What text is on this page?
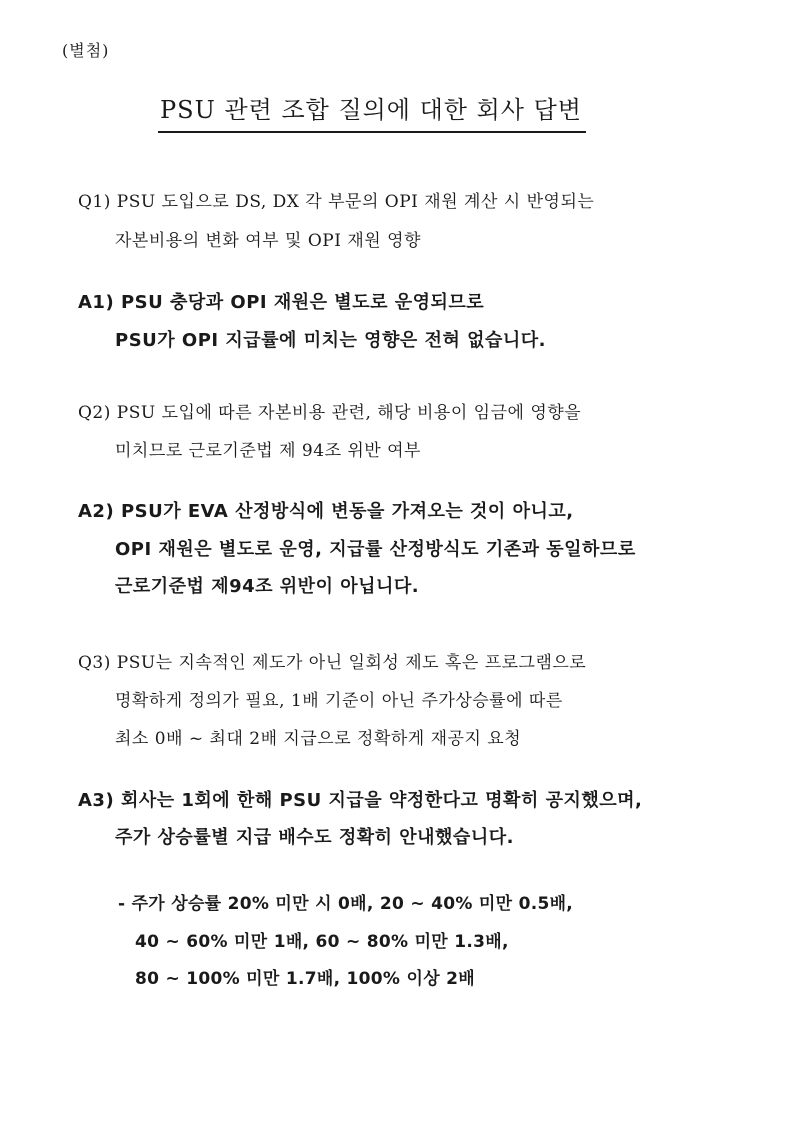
(별첨)
PSU 관련 조합 질의에 대한 회사 답변
Q1) PSU 도입으로 DS, DX 각 부문의 OPI 재원 계산 시 반영되는
자본비용의 변화 여부 및 OPI 재원 영향
A1) PSU 충당과 OPI 재원은 별도로 운영되므로
PSU가 OPI 지급률에 미치는 영향은 전혀 없습니다.
Q2) PSU 도입에 따른 자본비용 관련, 해당 비용이 임금에 영향을
미치므로 근로기준법 제 94조 위반 여부
A2) PSU가 EVA 산정방식에 변동을 가져오는 것이 아니고,
OPI 재원은 별도로 운영, 지급률 산정방식도 기존과 동일하므로
근로기준법 제94조 위반이 아닙니다.
Q3) PSU는 지속적인 제도가 아닌 일회성 제도 혹은 프로그램으로
명확하게 정의가 필요, 1배 기준이 아닌 주가상승률에 따른
최소 0배 ~ 최대 2배 지급으로 정확하게 재공지 요청
A3) 회사는 1회에 한해 PSU 지급을 약정한다고 명확히 공지했으며,
주가 상승률별 지급 배수도 정확히 안내했습니다.
- 주가 상승률 20% 미만 시 0배, 20 ~ 40% 미만 0.5배,
40 ~ 60% 미만 1배, 60 ~ 80% 미만 1.3배,
80 ~ 100% 미만 1.7배, 100% 이상 2배
